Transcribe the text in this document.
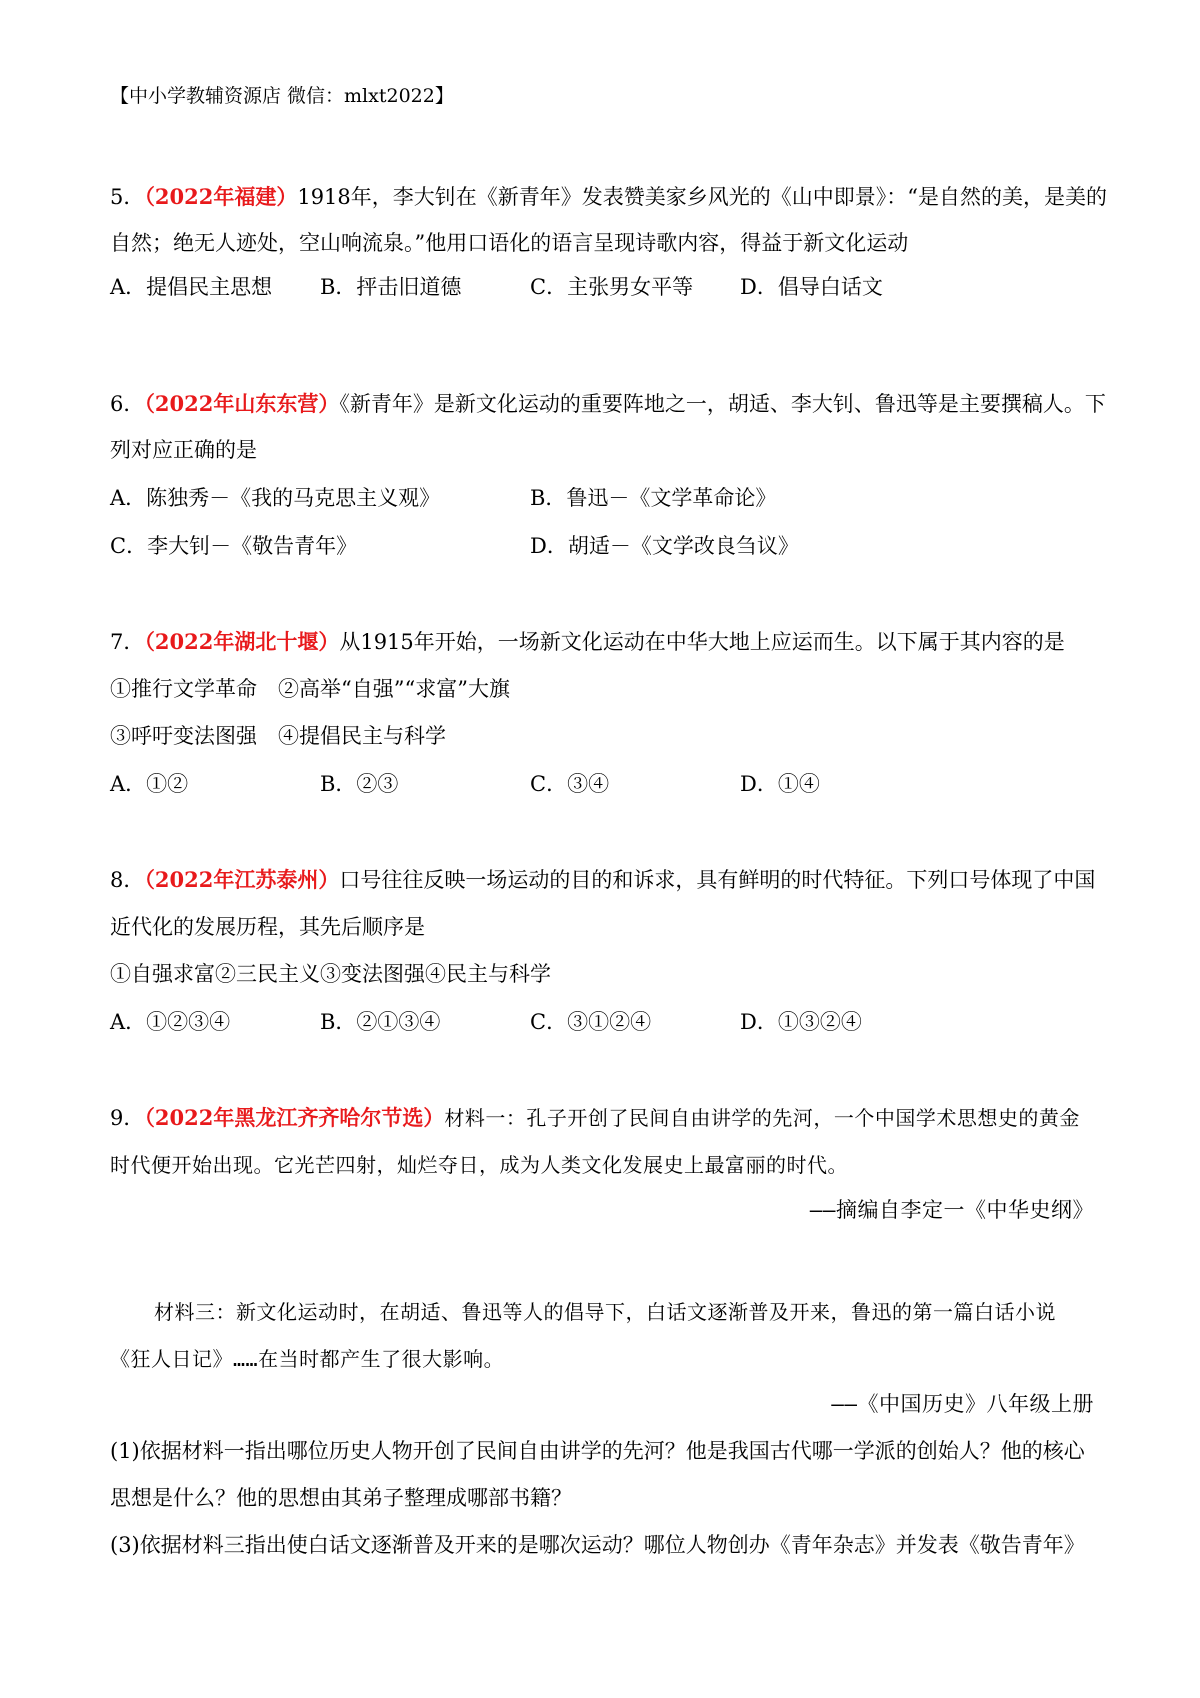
【中小学教辅资源店 微信：mlxt2022】
5．（2022年福建）1918年，李大钊在《新青年》发表赞美家乡风光的《山中即景》：“是自然的美，是美的
自然；绝无人迹处，空山响流泉。”他用口语化的语言呈现诗歌内容，得益于新文化运动
A．提倡民主思想 B．抨击旧道德	C．主张男女平等 D．倡导白话文
6．（2022年山东东营）《新青年》是新文化运动的重要阵地之一，胡适、李大钊、鲁迅等是主要撰稿人。下
列对应正确的是
A．陈独秀－《我的马克思主义观》	B．鲁迅－《文学革命论》
C．李大钊－《敬告青年》	D．胡适－《文学改良刍议》
7．（2022年湖北十堰）从1915年开始，一场新文化运动在中华大地上应运而生。以下属于其内容的是
①推行文学革命　②高举“自强”“求富”大旗
③呼吁变法图强　④提倡民主与科学
A．①②	B．②③	C．③④	D．①④
8．（2022年江苏泰州）口号往往反映一场运动的目的和诉求，具有鲜明的时代特征。下列口号体现了中国
近代化的发展历程，其先后顺序是
①自强求富②三民主义③变法图强④民主与科学
A．①②③④	B．②①③④	C．③①②④	D．①③②④
9．（2022年黑龙江齐齐哈尔节选）材料一：孔子开创了民间自由讲学的先河，一个中国学术思想史的黄金
时代便开始出现。它光芒四射，灿烂夺日，成为人类文化发展史上最富丽的时代。
——摘编自李定一《中华史纲》
材料三：新文化运动时，在胡适、鲁迅等人的倡导下，白话文逐渐普及开来，鲁迅的第一篇白话小说
《狂人日记》……在当时都产生了很大影响。
——《中国历史》八年级上册
(1)依据材料一指出哪位历史人物开创了民间自由讲学的先河？他是我国古代哪一学派的创始人？他的核心
思想是什么？他的思想由其弟子整理成哪部书籍？
(3)依据材料三指出使白话文逐渐普及开来的是哪次运动？哪位人物创办《青年杂志》并发表《敬告青年》
